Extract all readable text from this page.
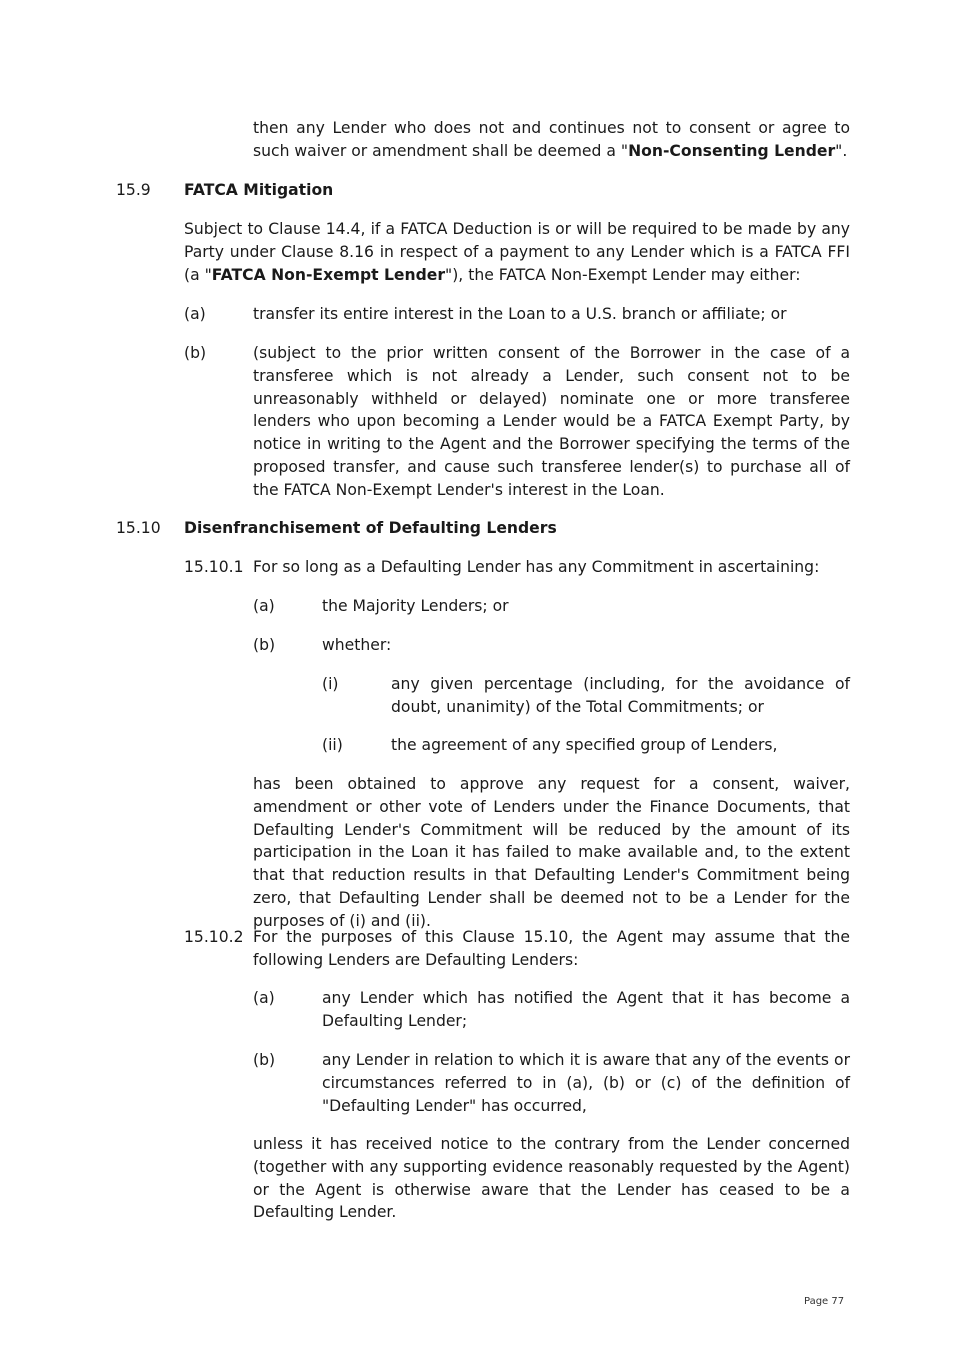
then any Lender who does not and continues not to consent or agree to such waiver or amendment shall be deemed a "Non-Consenting Lender".

15.9 FATCA Mitigation

Subject to Clause 14.4, if a FATCA Deduction is or will be required to be made by any Party under Clause 8.16 in respect of a payment to any Lender which is a FATCA FFI (a "FATCA Non-Exempt Lender"), the FATCA Non-Exempt Lender may either:

(a)	transfer its entire interest in the Loan to a U.S. branch or affiliate; or

(b)	(subject to the prior written consent of the Borrower in the case of a transferee which is not already a Lender, such consent not to be unreasonably withheld or delayed) nominate one or more transferee lenders who upon becoming a Lender would be a FATCA Exempt Party, by notice in writing to the Agent and the Borrower specifying the terms of the proposed transfer, and cause such transferee lender(s) to purchase all of the FATCA Non-Exempt Lender's interest in the Loan.

15.10 Disenfranchisement of Defaulting Lenders

15.10.1 For so long as a Defaulting Lender has any Commitment in ascertaining:

(a)	the Majority Lenders; or

(b)	whether:

(i)	any given percentage (including, for the avoidance of doubt, unanimity) of the Total Commitments; or

(ii)	the agreement of any specified group of Lenders,

has been obtained to approve any request for a consent, waiver, amendment or other vote of Lenders under the Finance Documents, that Defaulting Lender's Commitment will be reduced by the amount of its participation in the Loan it has failed to make available and, to the extent that that reduction results in that Defaulting Lender's Commitment being zero, that Defaulting Lender shall be deemed not to be a Lender for the purposes of (i) and (ii).

15.10.2 For the purposes of this Clause 15.10, the Agent may assume that the following Lenders are Defaulting Lenders:

(a)	any Lender which has notified the Agent that it has become a Defaulting Lender;

(b)	any Lender in relation to which it is aware that any of the events or circumstances referred to in (a), (b) or (c) of the definition of "Defaulting Lender" has occurred,

unless it has received notice to the contrary from the Lender concerned (together with any supporting evidence reasonably requested by the Agent) or the Agent is otherwise aware that the Lender has ceased to be a Defaulting Lender.

Page 77
